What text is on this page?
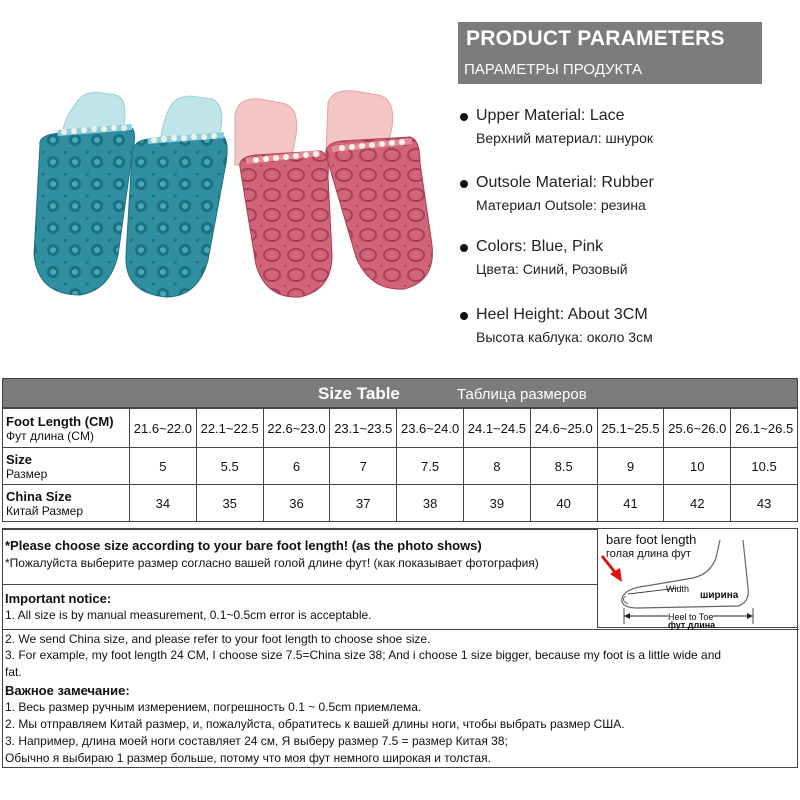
PRODUCT PARAMETERS
ПАРАМЕТРЫ ПРОДУКТА
Upper Material: Lace
Верхний материал: шнурок
Outsole Material: Rubber
Материал Outsole: резина
Colors: Blue, Pink
Цвета: Синий, Розовый
Heel Height: About 3CM
Высота каблука: около 3см
Size Table	Таблица размеров
Foot Length (CM)
Фут длина (CM)	21.6~22.0	22.1~22.5	22.6~23.0	23.1~23.5	23.6~24.0	24.1~24.5	24.6~25.0	25.1~25.5	25.6~26.0	26.1~26.5

Size
Размер	5	5.5	6	7	7.5	8	8.5	9	10	10.5

China Size
Китай Размер	34	35	36	37	38	39	40	41	42	43
*Please choose size according to your bare foot length! (as the photo shows)
*Пожалуйста выберите размер согласно вашей голой длине фут! (как показывает фотография)
Important notice:
1. All size is by manual measurement, 0.1~0.5cm error is acceptable.
2. We send China size, and please refer to your foot length to choose shoe size.
3. For example, my foot length 24 CM, I choose size 7.5=China size 38; And i choose 1 size bigger, because my foot is a little wide and
fat.
Важное замечание:
1. Весь размер ручным измерением, погрешность 0.1 ~ 0.5cm приемлема.
2. Мы отправляем Китай размер, и, пожалуйста, обратитесь к вашей длины ноги, чтобы выбрать размер США.
3. Например, длина моей ноги составляет 24 см, Я выберу размер 7.5 = размер Китая 38;
Обычно я выбираю 1 размер больше, потому что моя фут немного широкая и толстая.
bare foot length
голая длина фут
Width
ширина
Heel to Toe
фут длина
